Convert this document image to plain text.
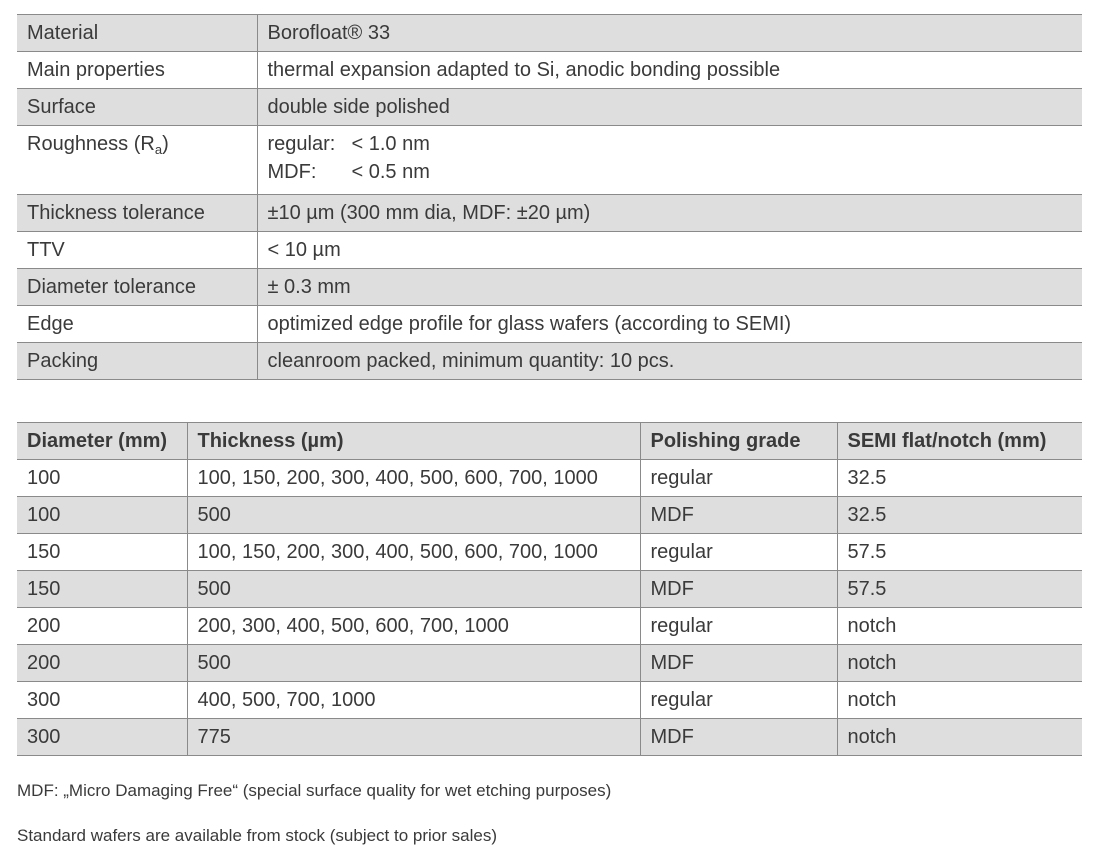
Material	Borofloat® 33
Main properties	thermal expansion adapted to Si, anodic bonding possible
Surface	double side polished
Roughness $(R_a)$	regular: < 1.0 nm
MDF: < 0.5 nm

Thickness tolerance	±10 µm (300 mm dia, MDF: ±20 µm)
TTV	< 10 µm
Diameter tolerance	± 0.3 mm
Edge	optimized edge profile for glass wafers (according to SEMI)
Packing	cleanroom packed, minimum quantity: 10 pcs.
Diameter (mm)	Thickness (µm)	Polishing grade	SEMI flat/notch (mm)
100	100, 150, 200, 300, 400, 500, 600, 700, 1000	regular	32.5
100	500	MDF	32.5
150	100, 150, 200, 300, 400, 500, 600, 700, 1000	regular	57.5
150	500	MDF	57.5
200	200, 300, 400, 500, 600, 700, 1000	regular	notch
200	500	MDF	notch
300	400, 500, 700, 1000	regular	notch
300	775	MDF	notch
MDF: „Micro Damaging Free“ (special surface quality for wet etching purposes)
Standard wafers are available from stock (subject to prior sales)
